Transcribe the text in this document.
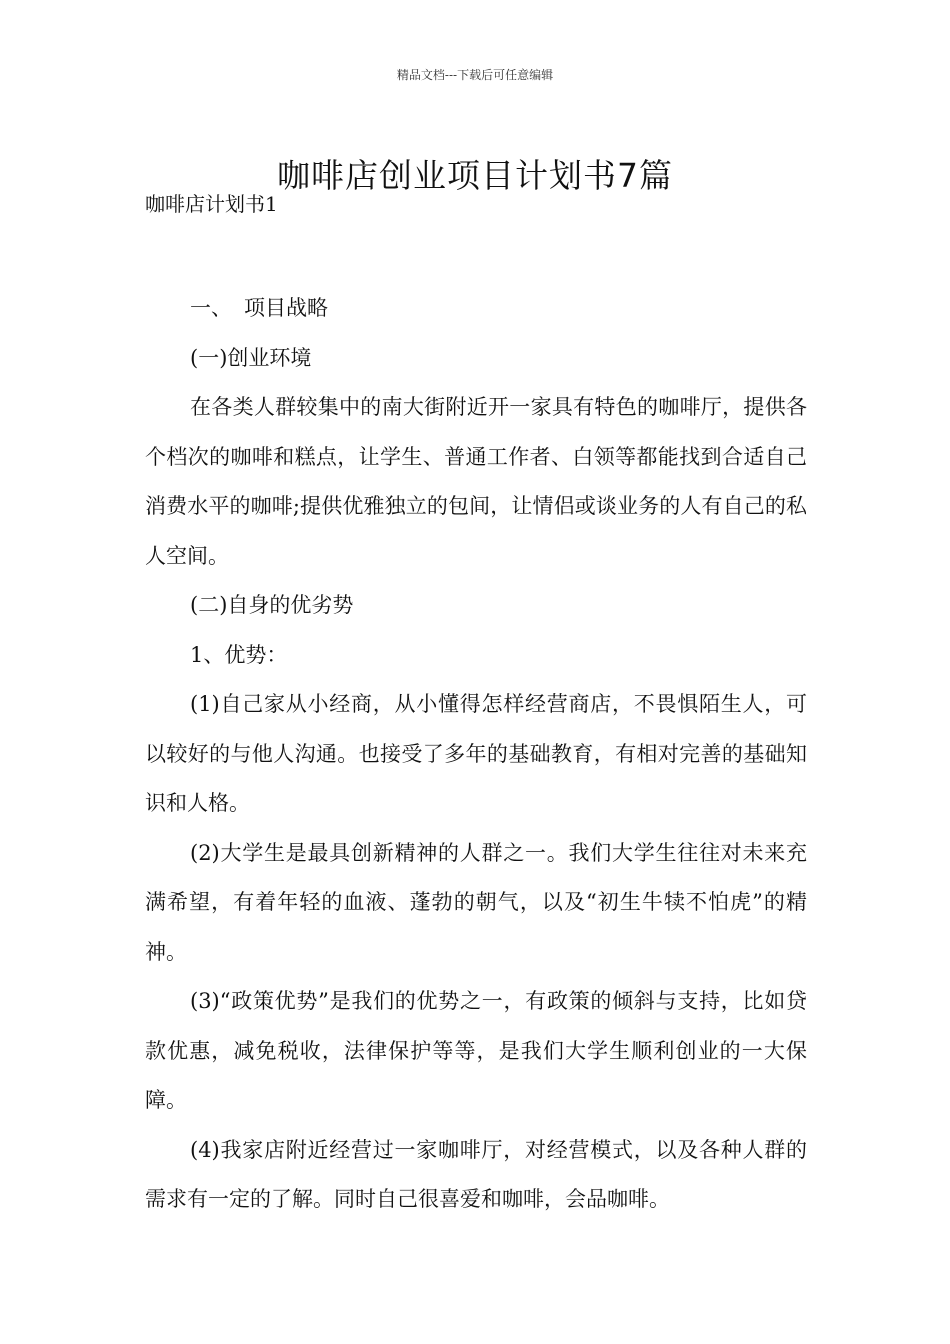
精品文档---下载后可任意编辑
咖啡店创业项目计划书7篇
咖啡店计划书1

一、 项目战略

(一)创业环境

在各类人群较集中的南大街附近开一家具有特色的咖啡厅，提供各个档次的咖啡和糕点，让学生、普通工作者、白领等都能找到合适自己消费水平的咖啡;提供优雅独立的包间，让情侣或谈业务的人有自己的私人空间。

(二)自身的优劣势

1、优势：

(1)自己家从小经商，从小懂得怎样经营商店，不畏惧陌生人，可以较好的与他人沟通。也接受了多年的基础教育，有相对完善的基础知识和人格。

(2)大学生是最具创新精神的人群之一。我们大学生往往对未来充满希望，有着年轻的血液、蓬勃的朝气，以及“初生牛犊不怕虎”的精神。

(3)“政策优势”是我们的优势之一，有政策的倾斜与支持，比如贷款优惠，减免税收，法律保护等等，是我们大学生顺利创业的一大保障。

(4)我家店附近经营过一家咖啡厅，对经营模式，以及各种人群的需求有一定的了解。同时自己很喜爱和咖啡，会品咖啡。
